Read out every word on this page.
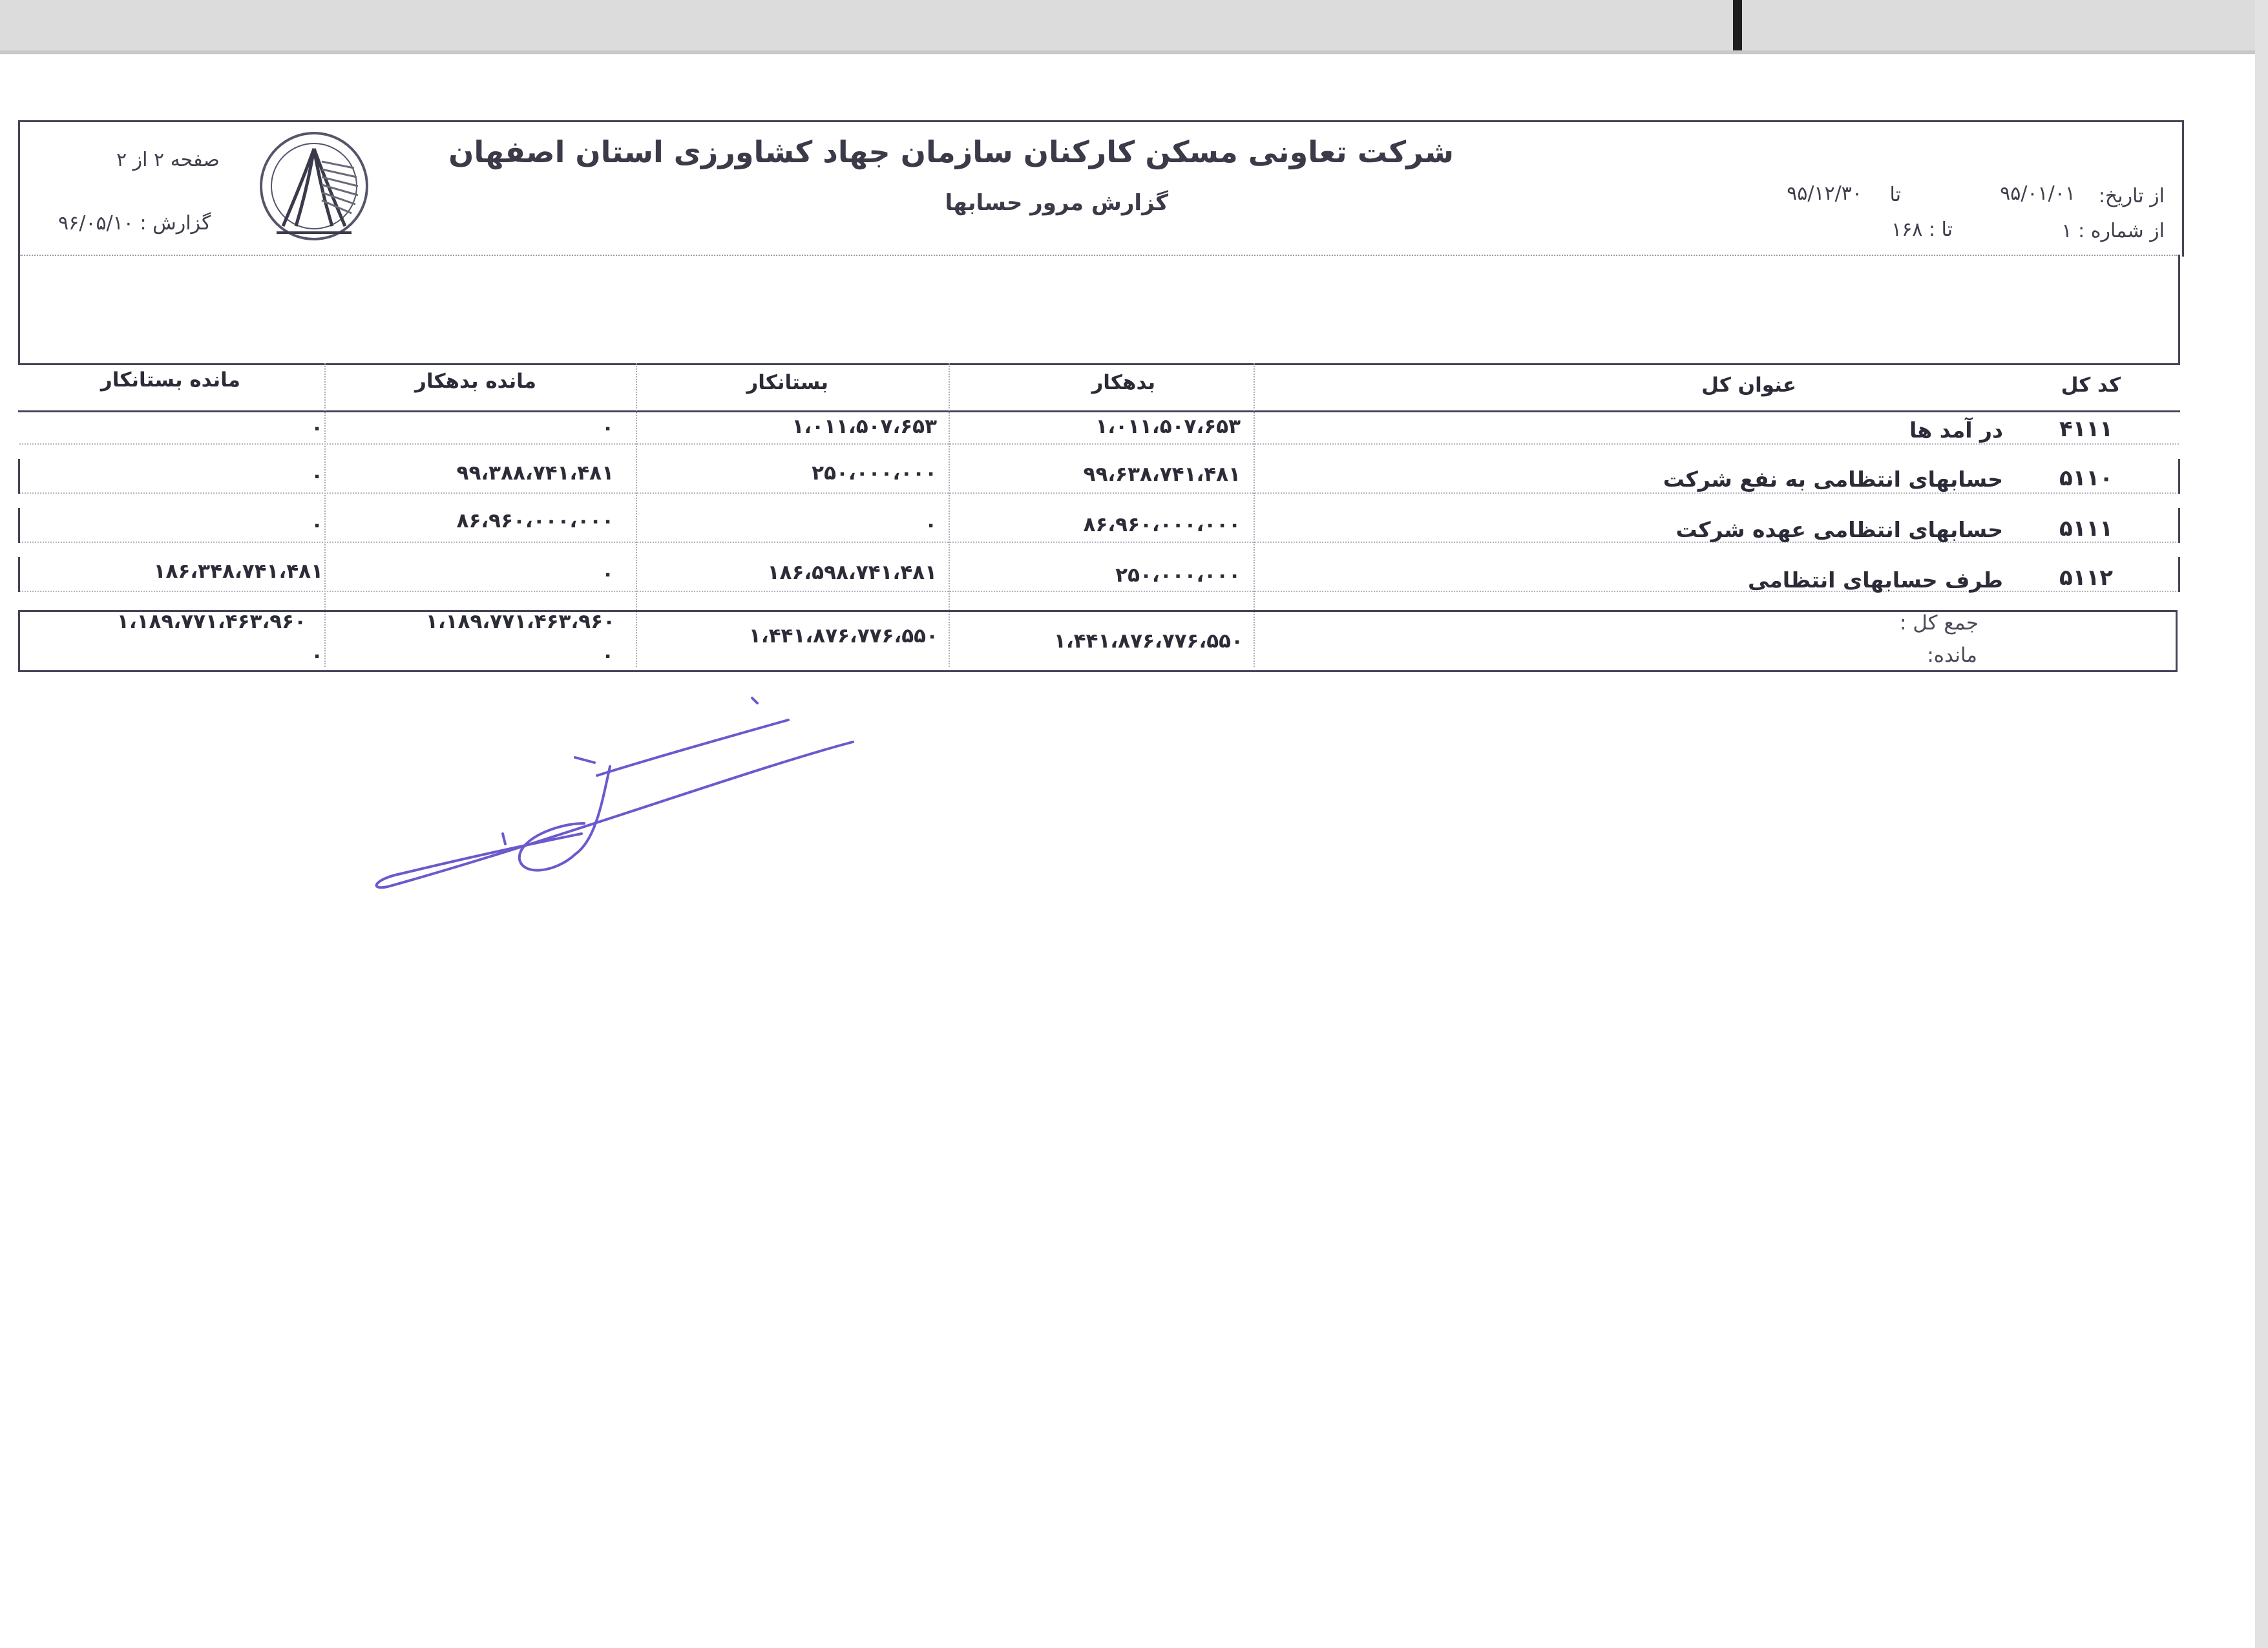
شرکت تعاونی مسکن کارکنان سازمان جهاد کشاورزی استان اصفهان
گزارش مرور حسابها	از تاریخ:
۹۵/۰۱/۰۱
تا
۹۵/۱۲/۳۰
از شماره : ۱
تا : ۱۶۸
صفحه ۲ از ۲
گزارش : ۹۶/۰۵/۱۰
کد کل
عنوان کل
بدهکار
بستانکار
مانده بدهکار
مانده بستانکار
۴۱۱۱
در آمد ها
۱،۰۱۱،۵۰۷،۶۵۳
۱،۰۱۱،۵۰۷،۶۵۳
۰
۰
۵۱۱۰
حسابهای انتظامی به نفع شرکت
۹۹،۶۳۸،۷۴۱،۴۸۱
۲۵۰،۰۰۰،۰۰۰
۹۹،۳۸۸،۷۴۱،۴۸۱
۰
۵۱۱۱
حسابهای انتظامی عهده شرکت
۸۶،۹۶۰،۰۰۰،۰۰۰
۰
۸۶،۹۶۰،۰۰۰،۰۰۰
۰
۵۱۱۲
طرف حسابهای انتظامی
۲۵۰،۰۰۰،۰۰۰
۱۸۶،۵۹۸،۷۴۱،۴۸۱
۰
۱۸۶،۳۴۸،۷۴۱،۴۸۱
جمع کل :
مانده:
۱،۴۴۱،۸۷۶،۷۷۶،۵۵۰
۱،۴۴۱،۸۷۶،۷۷۶،۵۵۰
۱،۱۸۹،۷۷۱،۴۶۳،۹۶۰
۱،۱۸۹،۷۷۱،۴۶۳،۹۶۰
۰
۰
